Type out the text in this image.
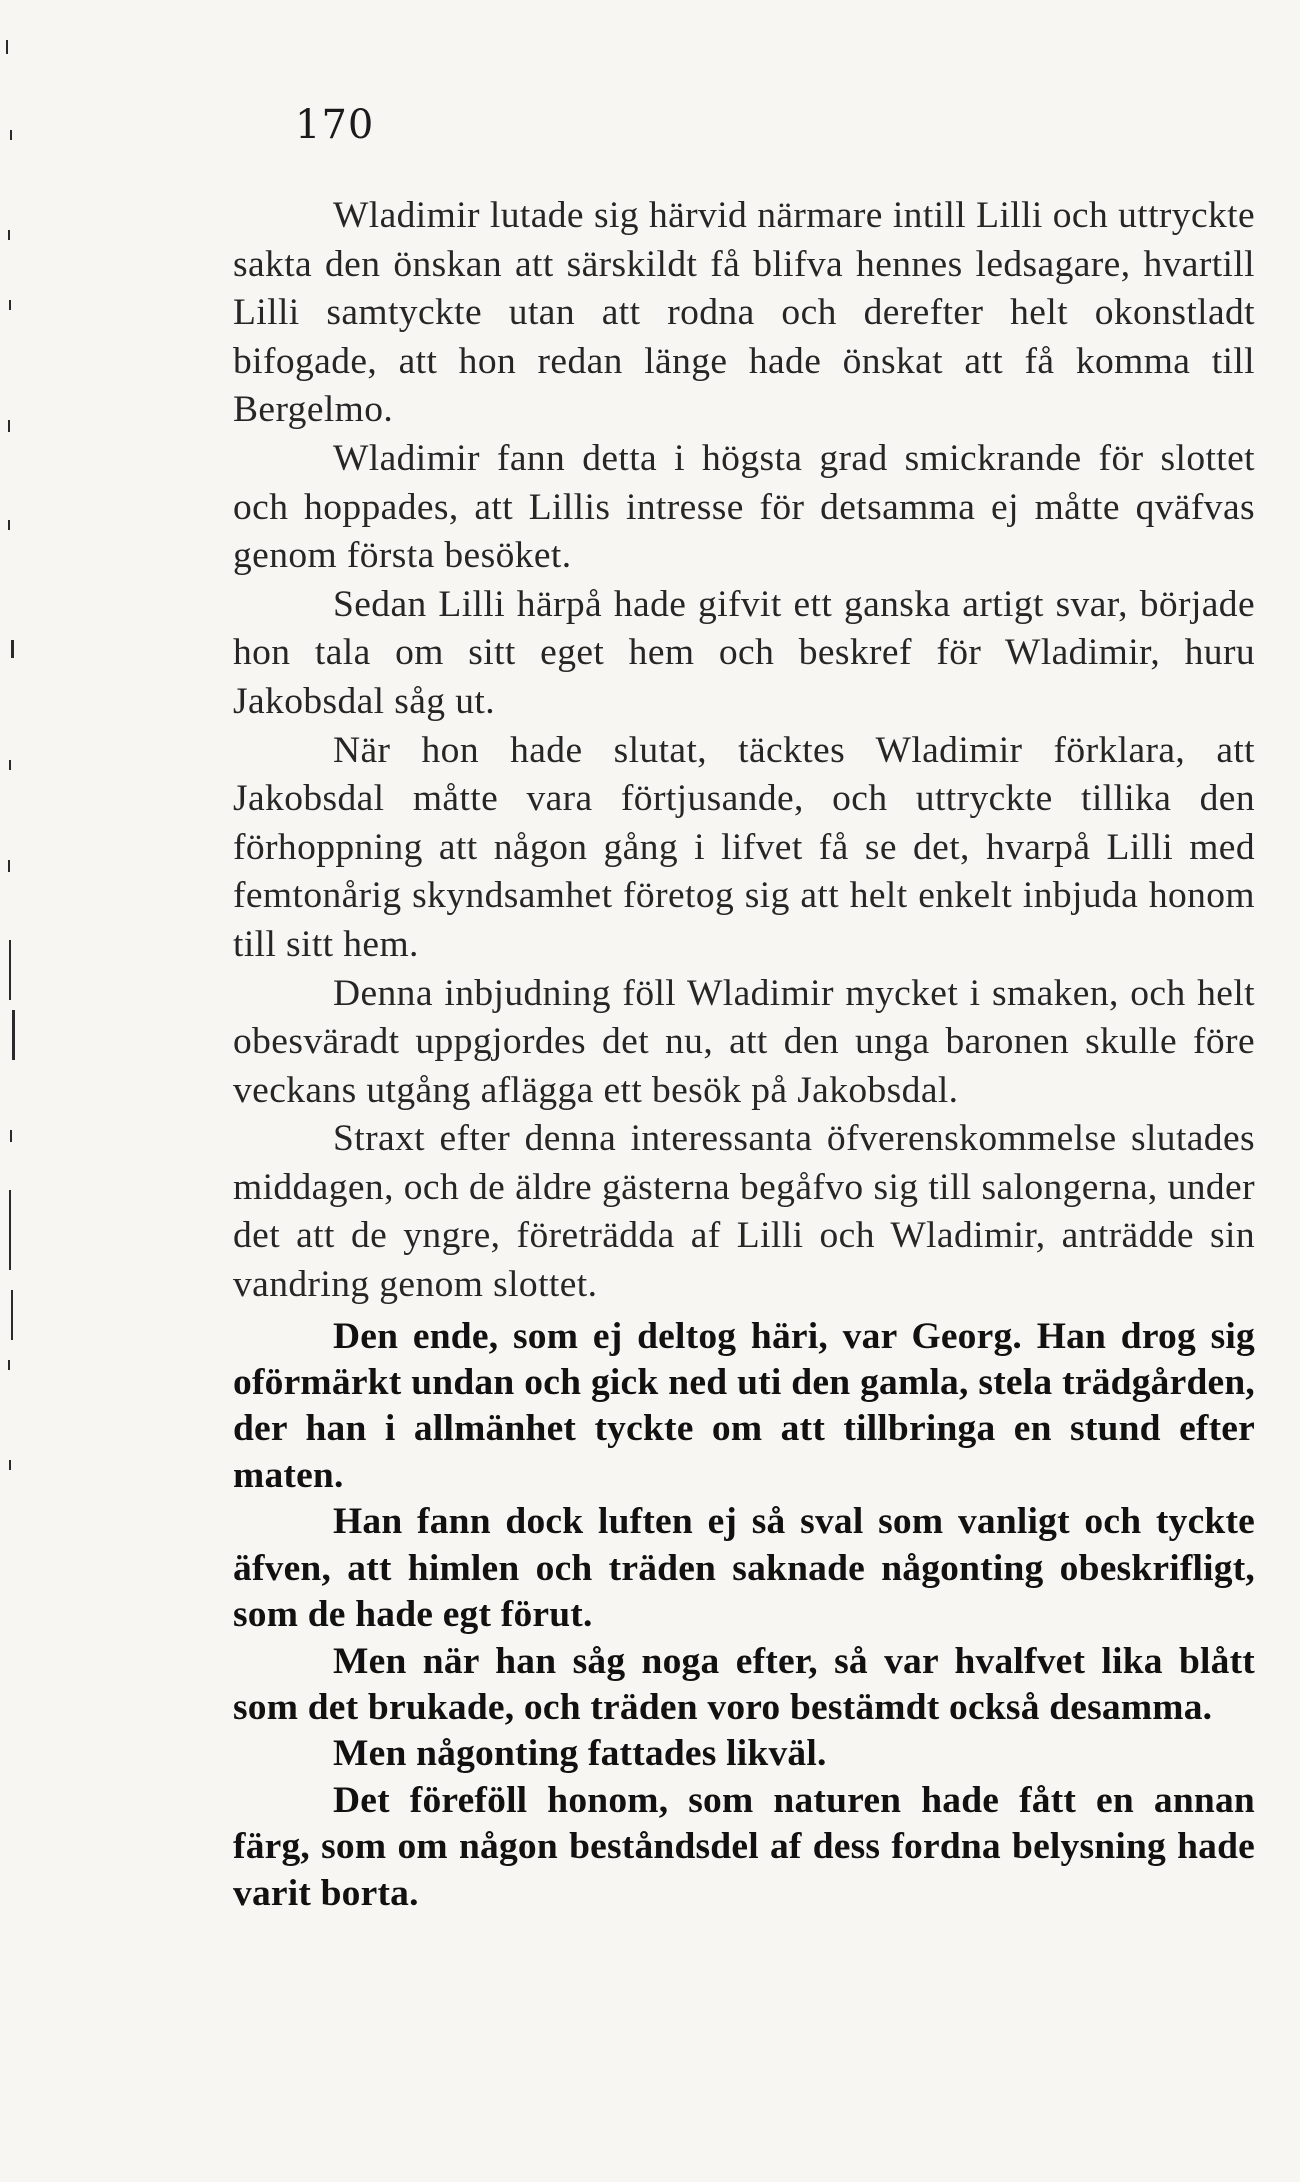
170

Wladimir lutade sig härvid närmare intill Lilli och uttryckte sakta den önskan att särskildt få blifva hennes ledsagare, hvartill Lilli samtyckte utan att rodna och derefter helt okonstladt bifogade, att hon redan länge hade önskat att få komma till Bergelmo.

Wladimir fann detta i högsta grad smickrande för slottet och hoppades, att Lillis intresse för detsamma ej måtte qväfvas genom första besöket.

Sedan Lilli härpå hade gifvit ett ganska artigt svar, började hon tala om sitt eget hem och beskref för Wladimir, huru Jakobsdal såg ut.

När hon hade slutat, täcktes Wladimir förklara, att Jakobsdal måtte vara förtjusande, och uttryckte tillika den förhoppning att någon gång i lifvet få se det, hvarpå Lilli med femtonårig skyndsamhet företog sig att helt enkelt inbjuda honom till sitt hem.

Denna inbjudning föll Wladimir mycket i smaken, och helt obesväradt uppgjordes det nu, att den unga baronen skulle före veckans utgång aflägga ett besök på Jakobsdal.

Straxt efter denna interessanta öfverenskommelse slutades middagen, och de äldre gästerna begåfvo sig till salongerna, under det att de yngre, företrädda af Lilli och Wladimir, anträdde sin vandring genom slottet.

Den ende, som ej deltog häri, var Georg. Han drog sig oförmärkt undan och gick ned uti den gamla, stela trädgården, der han i allmänhet tyckte om att tillbringa en stund efter maten.

Han fann dock luften ej så sval som vanligt och tyckte äfven, att himlen och träden saknade någonting obeskrifligt, som de hade egt förut.

Men när han såg noga efter, så var hvalfvet lika blått som det brukade, och träden voro bestämdt också desamma.

Men någonting fattades likväl.

Det föreföll honom, som naturen hade fått en annan färg, som om någon beståndsdel af dess fordna belysning hade varit borta.
